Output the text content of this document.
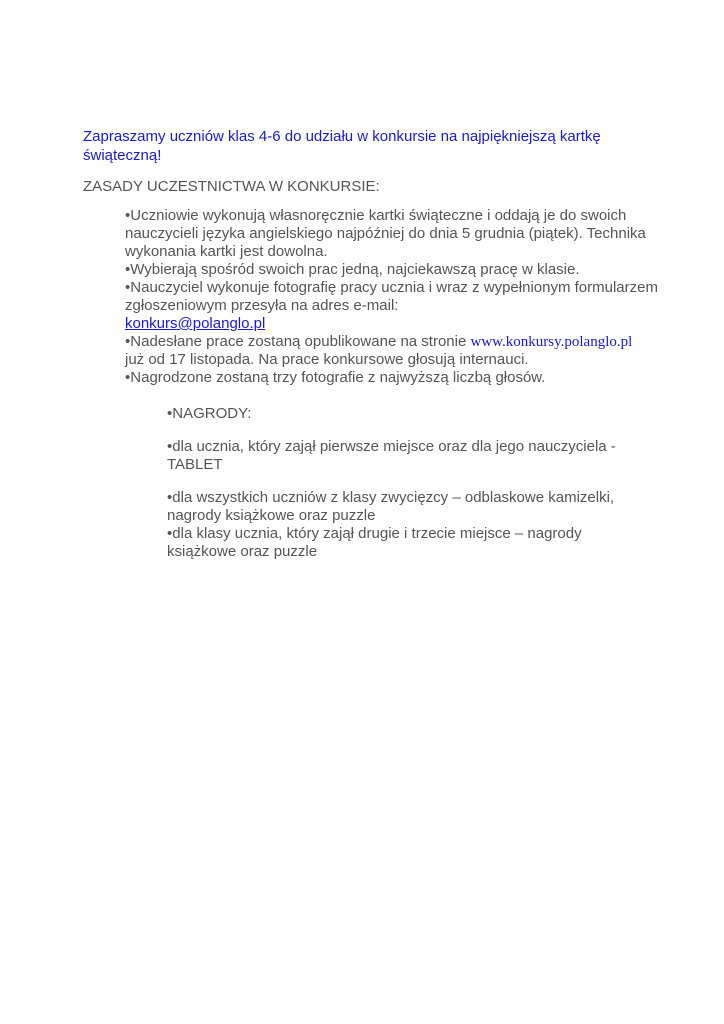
Zapraszamy uczniów klas 4-6 do udziału w konkursie na najpiękniejszą kartkę świąteczną!
ZASADY UCZESTNICTWA W KONKURSIE:

•Uczniowie wykonują własnoręcznie kartki świąteczne i oddają je do swoich nauczycieli języka angielskiego najpóźniej do dnia 5 grudnia (piątek). Technika wykonania kartki jest dowolna.

•Wybierają spośród swoich prac jedną, najciekawszą pracę w klasie.

•Nauczyciel wykonuje fotografię pracy ucznia i wraz z wypełnionym formularzem zgłoszeniowym przesyła na adres e-mail:
konkurs@polanglo.pl

•Nadesłane prace zostaną opublikowane na stronie www.konkursy.polanglo.pl
już od 17 listopada. Na prace konkursowe głosują internauci.

•Nagrodzone zostaną trzy fotografie z najwyższą liczbą głosów.

•NAGRODY:

•dla ucznia, który zajął pierwsze miejsce oraz dla jego nauczyciela - TABLET

•dla wszystkich uczniów z klasy zwycięzcy – odblaskowe kamizelki, nagrody książkowe oraz puzzle

•dla klasy ucznia, który zajął drugie i trzecie miejsce – nagrody książkowe oraz puzzle
